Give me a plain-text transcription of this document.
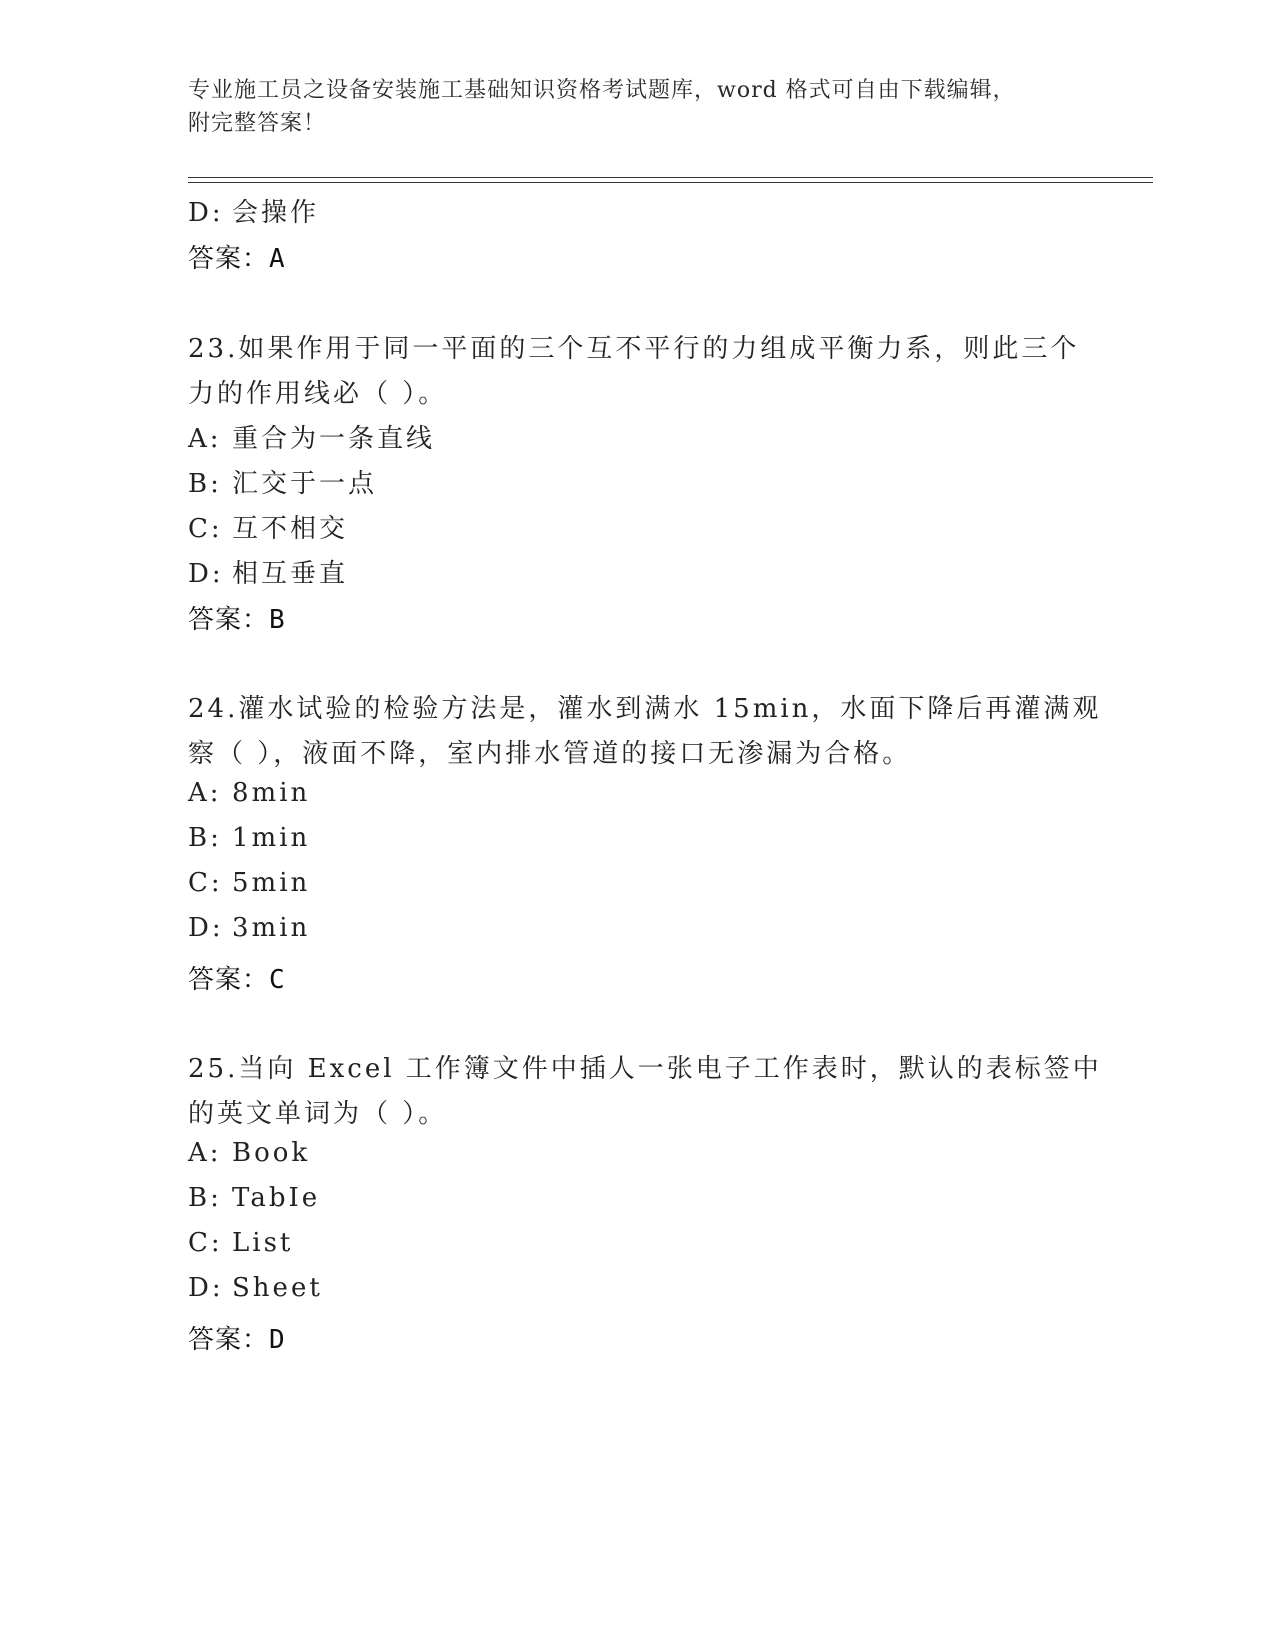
专业施工员之设备安装施工基础知识资格考试题库，word 格式可自由下载编辑，
附完整答案！
D: 会操作
答案：A
23.如果作用于同一平面的三个互不平行的力组成平衡力系，则此三个
力的作用线必（ ）。
A: 重合为一条直线
B: 汇交于一点
C: 互不相交
D: 相互垂直
答案：B
24.灌水试验的检验方法是，灌水到满水 15min，水面下降后再灌满观
察（ ），液面不降，室内排水管道的接口无渗漏为合格。
A: 8min
B: 1min
C: 5min
D: 3min
答案：C
25.当向 Excel 工作簿文件中插人一张电子工作表时，默认的表标签中
的英文单词为（ ）。
A: Book
B: TabIe
C: List
D: Sheet
答案：D
